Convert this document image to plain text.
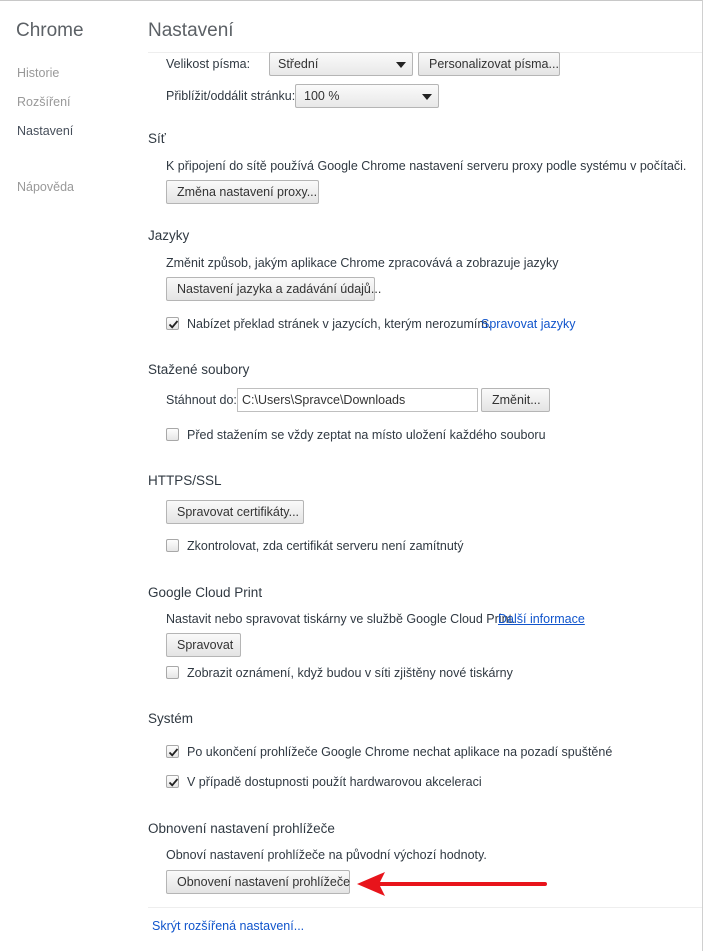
Chrome
Historie
Rozšíření
Nastavení
Nápověda
Nastavení
Velikost písma:	Střední	Personalizovat písma...
Přiblížit/oddálit stránku: 100 %
Síť
K připojení do sítě používá Google Chrome nastavení serveru proxy podle systému v počítači.
Změna nastavení proxy...
Jazyky
Změnit způsob, jakým aplikace Chrome zpracovává a zobrazuje jazyky
Nastavení jazyka a zadávání údajů...
Nabízet překlad stránek v jazycích, kterým nerozumím.
Spravovat jazyky
Stažené soubory
Stáhnout do: C:\Users\Spravce\Downloads	Změnit...
Před stažením se vždy zeptat na místo uložení každého souboru
HTTPS/SSL
Spravovat certifikáty...
Zkontrolovat, zda certifikát serveru není zamítnutý
Google Cloud Print
Nastavit nebo spravovat tiskárny ve službě Google Cloud Print.
Další informace
Spravovat
Zobrazit oznámení, když budou v síti zjištěny nové tiskárny
Systém
Po ukončení prohlížeče Google Chrome nechat aplikace na pozadí spuštěné
V případě dostupnosti použít hardwarovou akceleraci
Obnovení nastavení prohlížeče
Obnoví nastavení prohlížeče na původní výchozí hodnoty.
Obnovení nastavení prohlížeče
Skrýt rozšířená nastavení...
